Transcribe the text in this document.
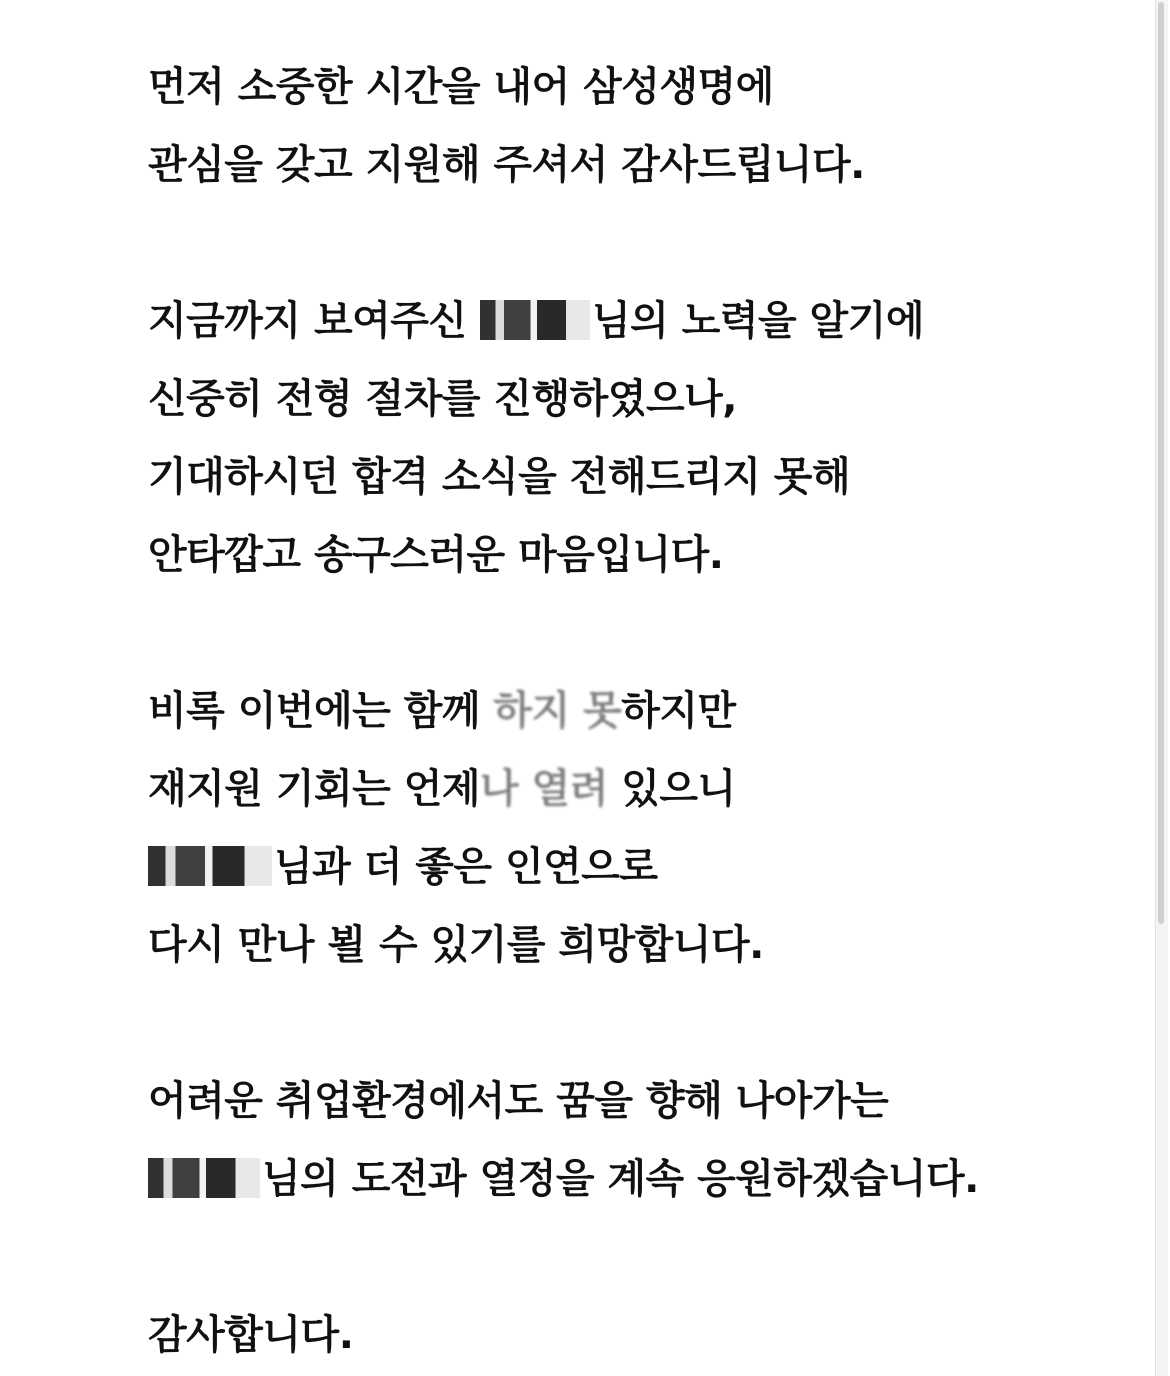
먼저 소중한 시간을 내어 삼성생명에
관심을 갖고 지원해 주셔서 감사드립니다.
지금까지 보여주신	님의 노력을 알기에
신중히 전형 절차를 진행하였으나,
기대하시던 합격 소식을 전해드리지 못해
안타깝고 송구스러운 마음입니다.
비록 이번에는 함께 하지 못하지만
재지원 기회는 언제나 열려 있으니
님과 더 좋은 인연으로
다시 만나 뵐 수 있기를 희망합니다.
어려운 취업환경에서도 꿈을 향해 나아가는
님의 도전과 열정을 계속 응원하겠습니다.
감사합니다.
